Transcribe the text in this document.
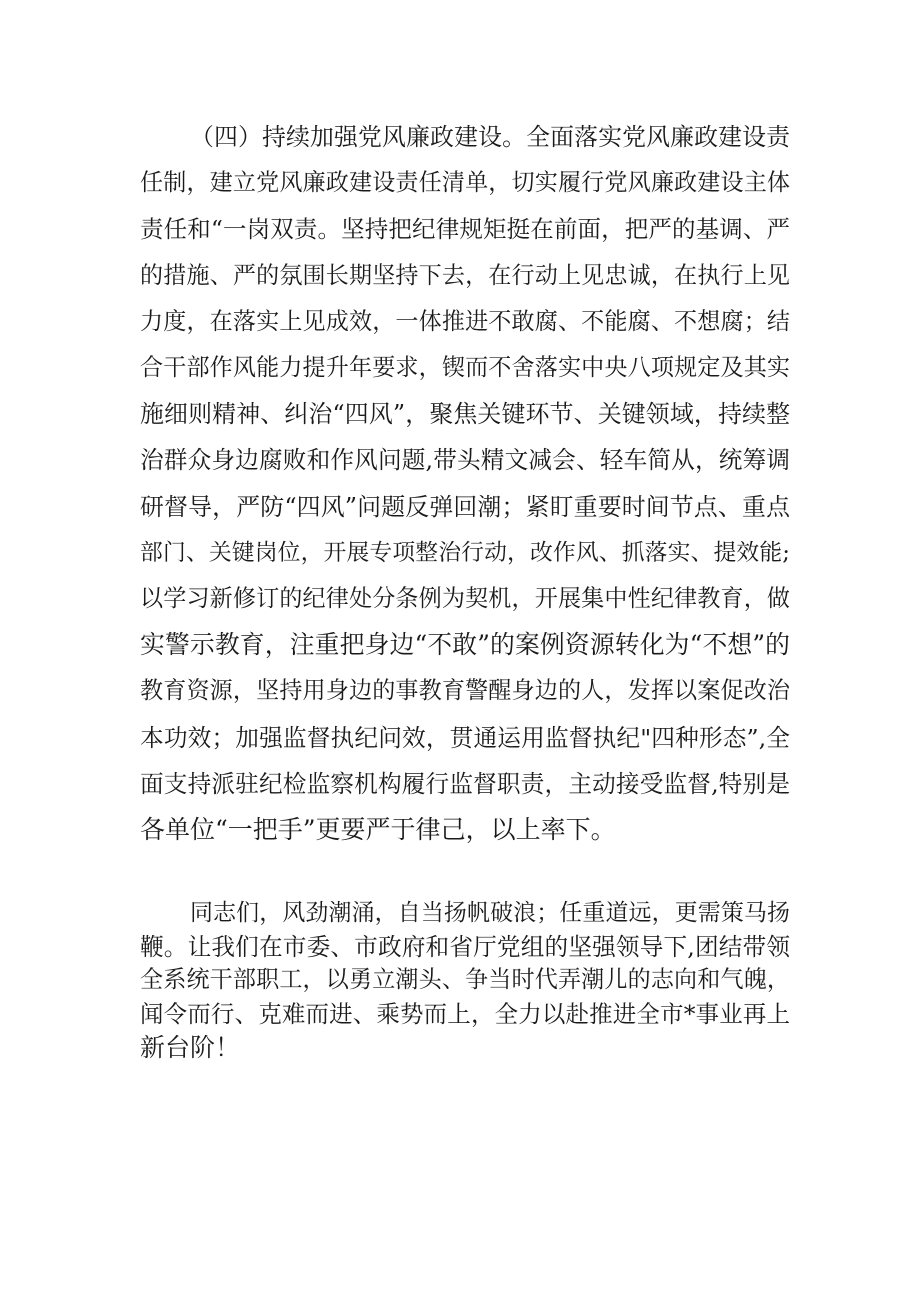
（四）持续加强党风廉政建设。全面落实党风廉政建设责
任制，建立党风廉政建设责任清单，切实履行党风廉政建设主体
责任和“一岗双责。坚持把纪律规矩挺在前面，把严的基调、严
的措施、严的氛围长期坚持下去，在行动上见忠诚，在执行上见
力度，在落实上见成效，一体推进不敢腐、不能腐、不想腐；结
合干部作风能力提升年要求，锲而不舍落实中央八项规定及其实
施细则精神、纠治“四风”，聚焦关键环节、关键领域，持续整
治群众身边腐败和作风问题,带头精文减会、轻车简从，统筹调
研督导，严防“四风”问题反弹回潮；紧盯重要时间节点、重点
部门、关键岗位，开展专项整治行动，改作风、抓落实、提效能;
以学习新修订的纪律处分条例为契机，开展集中性纪律教育，做
实警示教育，注重把身边“不敢”的案例资源转化为“不想”的
教育资源，坚持用身边的事教育警醒身边的人，发挥以案促改治
本功效；加强监督执纪问效，贯通运用监督执纪"四种形态”,全
面支持派驻纪检监察机构履行监督职责，主动接受监督,特别是
各单位“一把手”更要严于律己，以上率下。
同志们，风劲潮涌，自当扬帆破浪；任重道远，更需策马扬
鞭。让我们在市委、市政府和省厅党组的坚强领导下,团结带领
全系统干部职工，以勇立潮头、争当时代弄潮儿的志向和气魄，
闻令而行、克难而进、乘势而上，全力以赴推进全市*事业再上
新台阶！
